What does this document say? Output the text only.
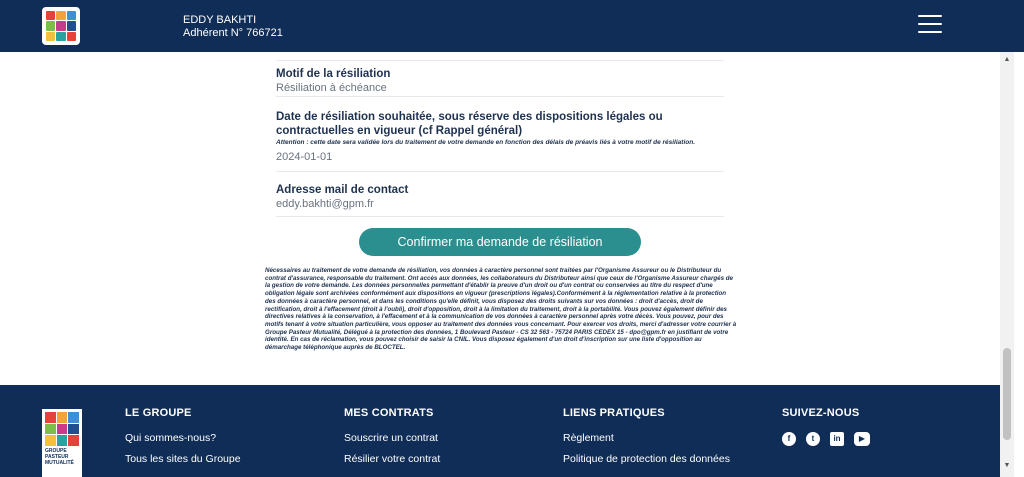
EDDY BAKHTI
Adhérent N° 766721
Motif de la résiliation
Résiliation à échéance
Date de résiliation souhaitée, sous réserve des dispositions légales ou contractuelles en vigueur (cf Rappel général)
Attention : cette date sera validée lors du traitement de votre demande en fonction des délais de préavis liés à votre motif de résiliation.
2024-01-01
Adresse mail de contact
eddy.bakhti@gpm.fr
Confirmer ma demande de résiliation
Nécessaires au traitement de votre demande de résiliation, vos données à caractère personnel sont traitées par l'Organisme Assureur ou le Distributeur du contrat d'assurance, responsable du traitement. Ont accès aux données, les collaborateurs du Distributeur ainsi que ceux de l'Organisme Assureur chargés de la gestion de votre demande. Les données personnelles permettant d'établir la preuve d'un droit ou d'un contrat ou conservées au titre du respect d'une obligation légale sont archivées conformément aux dispositions en vigueur (prescriptions légales).Conformément à la réglementation relative à la protection des données à caractère personnel, et dans les conditions qu'elle définit, vous disposez des droits suivants sur vos données : droit d'accès, droit de rectification, droit à l'effacement (droit à l'oubli), droit d'opposition, droit à la limitation du traitement, droit à la portabilité. Vous pouvez également définir des directives relatives à la conservation, à l'effacement et à la communication de vos données à caractère personnel après votre décès. Vous pouvez, pour des motifs tenant à votre situation particulière, vous opposer au traitement des données vous concernant. Pour exercer vos droits, merci d'adresser votre courrier à Groupe Pasteur Mutualité, Délégué à la protection des données, 1 Boulevard Pasteur - CS 32 563 - 75724 PARIS CEDEX 15 - dpo@gpm.fr en justifiant de votre identité. En cas de réclamation, vous pouvez choisir de saisir la CNIL. Vous disposez également d'un droit d'inscription sur une liste d'opposition au démarchage téléphonique auprès de BLOCTEL.
▲
▼
GROUPE PASTEUR MUTUALITÉ
LE GROUPE
Qui sommes-nous?
Tous les sites du Groupe
MES CONTRATS
Souscrire un contrat
Résilier votre contrat
LIENS PRATIQUES
Règlement
Politique de protection des données
SUIVEZ-NOUS
f	t	in	▶
